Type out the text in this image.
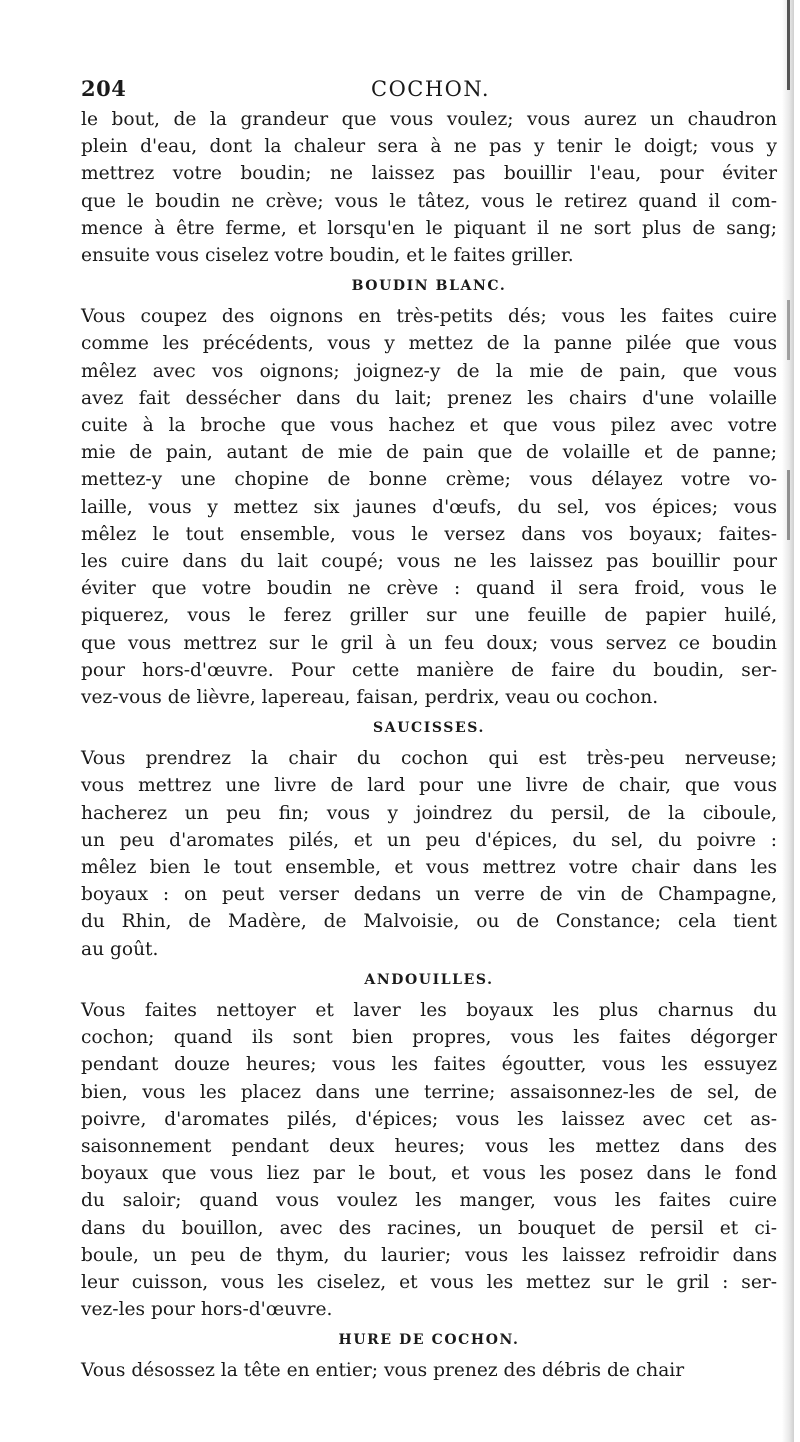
204	COCHON.

le bout, de la grandeur que vous voulez; vous aurez un chaudron
plein d'eau, dont la chaleur sera à ne pas y tenir le doigt; vous y
mettrez votre boudin; ne laissez pas bouillir l'eau, pour éviter
que le boudin ne crève; vous le tâtez, vous le retirez quand il com-
mence à être ferme, et lorsqu'en le piquant il ne sort plus de sang;
ensuite vous ciselez votre boudin, et le faites griller.

BOUDIN BLANC.

Vous coupez des oignons en très-petits dés; vous les faites cuire
comme les précédents, vous y mettez de la panne pilée que vous
mêlez avec vos oignons; joignez-y de la mie de pain, que vous
avez fait dessécher dans du lait; prenez les chairs d'une volaille
cuite à la broche que vous hachez et que vous pilez avec votre
mie de pain, autant de mie de pain que de volaille et de panne;
mettez-y une chopine de bonne crème; vous délayez votre vo-
laille, vous y mettez six jaunes d'œufs, du sel, vos épices; vous
mêlez le tout ensemble, vous le versez dans vos boyaux; faites-
les cuire dans du lait coupé; vous ne les laissez pas bouillir pour
éviter que votre boudin ne crève : quand il sera froid, vous le
piquerez, vous le ferez griller sur une feuille de papier huilé,
que vous mettrez sur le gril à un feu doux; vous servez ce boudin
pour hors-d'œuvre. Pour cette manière de faire du boudin, ser-
vez-vous de lièvre, lapereau, faisan, perdrix, veau ou cochon.

SAUCISSES.

Vous prendrez la chair du cochon qui est très-peu nerveuse;
vous mettrez une livre de lard pour une livre de chair, que vous
hacherez un peu fin; vous y joindrez du persil, de la ciboule,
un peu d'aromates pilés, et un peu d'épices, du sel, du poivre :
mêlez bien le tout ensemble, et vous mettrez votre chair dans les
boyaux : on peut verser dedans un verre de vin de Champagne,
du Rhin, de Madère, de Malvoisie, ou de Constance; cela tient
au goût.

ANDOUILLES.

Vous faites nettoyer et laver les boyaux les plus charnus du
cochon; quand ils sont bien propres, vous les faites dégorger
pendant douze heures; vous les faites égoutter, vous les essuyez
bien, vous les placez dans une terrine; assaisonnez-les de sel, de
poivre, d'aromates pilés, d'épices; vous les laissez avec cet as-
saisonnement pendant deux heures; vous les mettez dans des
boyaux que vous liez par le bout, et vous les posez dans le fond
du saloir; quand vous voulez les manger, vous les faites cuire
dans du bouillon, avec des racines, un bouquet de persil et ci-
boule, un peu de thym, du laurier; vous les laissez refroidir dans
leur cuisson, vous les ciselez, et vous les mettez sur le gril : ser-
vez-les pour hors-d'œuvre.

HURE DE COCHON.

Vous désossez la tête en entier; vous prenez des débris de chair
